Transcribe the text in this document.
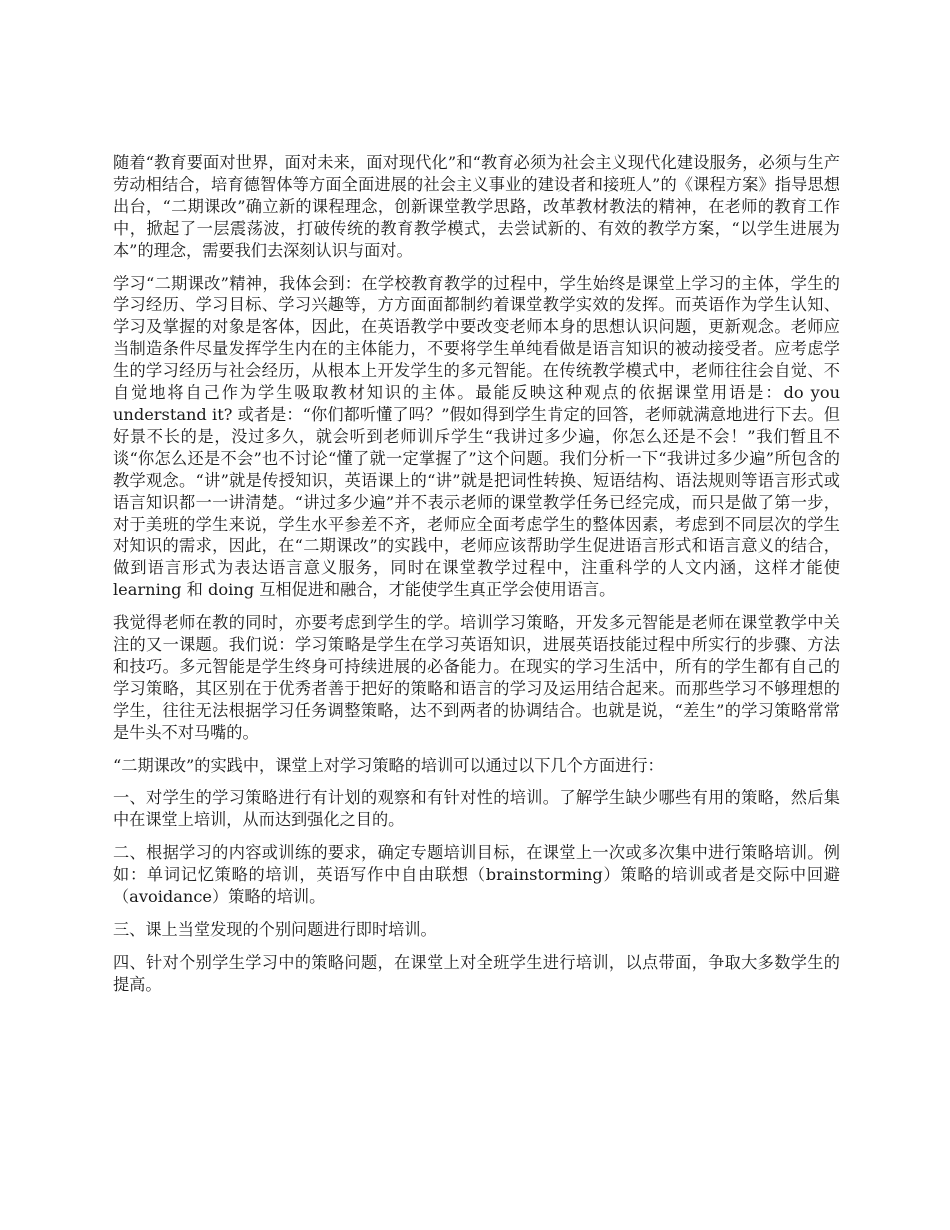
随着“教育要面对世界，面对未来，面对现代化”和“教育必须为社会主义现代化建设服务，必须与生产劳动相结合，培育德智体等方面全面进展的社会主义事业的建设者和接班人”的《课程方案》指导思想出台，“二期课改”确立新的课程理念，创新课堂教学思路，改革教材教法的精神，在老师的教育工作中，掀起了一层震荡波，打破传统的教育教学模式，去尝试新的、有效的教学方案，“以学生进展为本”的理念，需要我们去深刻认识与面对。

学习“二期课改”精神，我体会到：在学校教育教学的过程中，学生始终是课堂上学习的主体，学生的学习经历、学习目标、学习兴趣等，方方面面都制约着课堂教学实效的发挥。而英语作为学生认知、学习及掌握的对象是客体，因此，在英语教学中要改变老师本身的思想认识问题，更新观念。老师应当制造条件尽量发挥学生内在的主体能力，不要将学生单纯看做是语言知识的被动接受者。应考虑学生的学习经历与社会经历，从根本上开发学生的多元智能。在传统教学模式中，老师往往会自觉、不自觉地将自己作为学生吸取教材知识的主体。最能反映这种观点的依据课堂用语是：do you understand it? 或者是：“你们都听懂了吗？”假如得到学生肯定的回答，老师就满意地进行下去。但好景不长的是，没过多久，就会听到老师训斥学生“我讲过多少遍，你怎么还是不会！”我们暂且不谈“你怎么还是不会”也不讨论“懂了就一定掌握了”这个问题。我们分析一下“我讲过多少遍”所包含的教学观念。“讲”就是传授知识，英语课上的“讲”就是把词性转换、短语结构、语法规则等语言形式或语言知识都一一讲清楚。“讲过多少遍”并不表示老师的课堂教学任务已经完成，而只是做了第一步，对于美班的学生来说，学生水平参差不齐，老师应全面考虑学生的整体因素，考虑到不同层次的学生对知识的需求，因此，在“二期课改”的实践中，老师应该帮助学生促进语言形式和语言意义的结合，做到语言形式为表达语言意义服务，同时在课堂教学过程中，注重科学的人文内涵，这样才能使 learning 和 doing 互相促进和融合，才能使学生真正学会使用语言。

我觉得老师在教的同时，亦要考虑到学生的学。培训学习策略，开发多元智能是老师在课堂教学中关注的又一课题。我们说：学习策略是学生在学习英语知识，进展英语技能过程中所实行的步骤、方法和技巧。多元智能是学生终身可持续进展的必备能力。在现实的学习生活中，所有的学生都有自己的学习策略，其区别在于优秀者善于把好的策略和语言的学习及运用结合起来。而那些学习不够理想的学生，往往无法根据学习任务调整策略，达不到两者的协调结合。也就是说，“差生”的学习策略常常是牛头不对马嘴的。

“二期课改”的实践中，课堂上对学习策略的培训可以通过以下几个方面进行：

一、对学生的学习策略进行有计划的观察和有针对性的培训。了解学生缺少哪些有用的策略，然后集中在课堂上培训，从而达到强化之目的。

二、根据学习的内容或训练的要求，确定专题培训目标，在课堂上一次或多次集中进行策略培训。例如：单词记忆策略的培训，英语写作中自由联想（brainstorming）策略的培训或者是交际中回避（avoidance）策略的培训。

三、课上当堂发现的个别问题进行即时培训。

四、针对个别学生学习中的策略问题，在课堂上对全班学生进行培训，以点带面，争取大多数学生的提高。
